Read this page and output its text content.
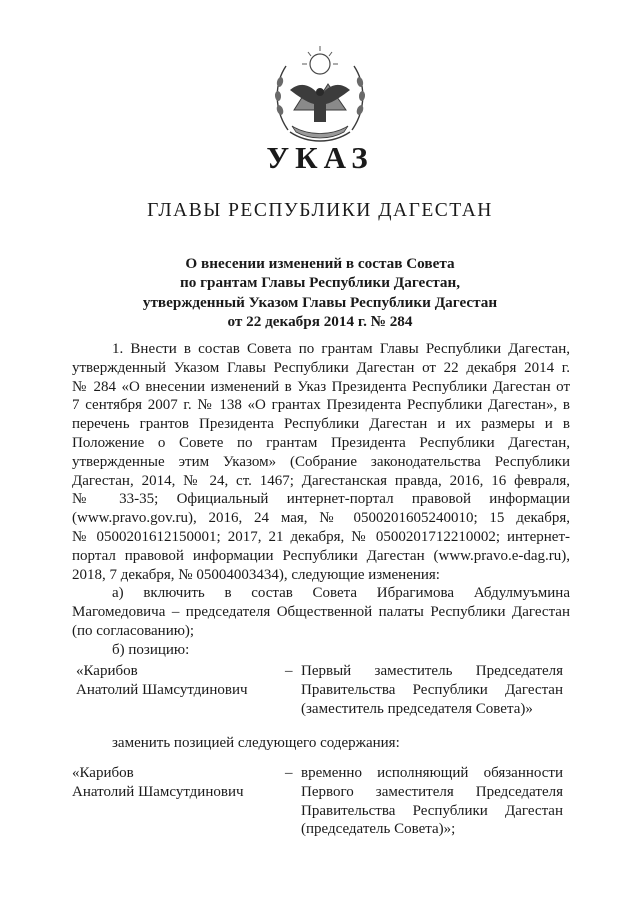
УКАЗ
ГЛАВЫ РЕСПУБЛИКИ ДАГЕСТАН
О внесении изменений в состав Совета
по грантам Главы Республики Дагестан,
утвержденный Указом Главы Республики Дагестан
от 22 декабря 2014 г. № 284
1. Внести в состав Совета по грантам Главы Республики Дагестан,
утвержденный Указом Главы Республики Дагестан от 22 декабря 2014 г.
№ 284 «О внесении изменений в Указ Президента Республики Дагестан от
7 сентября 2007 г. № 138 «О грантах Президента Республики Дагестан», в
перечень грантов Президента Республики Дагестан и их размеры и в
Положение о Совете по грантам Президента Республики Дагестан,
утвержденные этим Указом» (Собрание законодательства Республики
Дагестан, 2014, № 24, ст. 1467; Дагестанская правда, 2016, 16 февраля,
№ 33-35; Официальный интернет-портал правовой информации
(www.pravo.gov.ru), 2016, 24 мая, № 0500201605240010; 15 декабря,
№ 0500201612150001; 2017, 21 декабря, № 0500201712210002; интернет-
портал правовой информации Республики Дагестан (www.pravo.e-dag.ru),
2018, 7 декабря, № 05004003434), следующие изменения:
а) включить в состав Совета Ибрагимова Абдулмуъмина
Магомедовича – председателя Общественной палаты Республики Дагестан
(по согласованию);
б) позицию:
«Карибов
Анатолий Шамсутдинович
– Первый заместитель Председателя
Правительства Республики Дагестан
(заместитель председателя Совета)»
заменить позицией следующего содержания:
«Карибов
Анатолий Шамсутдинович
– временно исполняющий обязанности
Первого заместителя Председателя
Правительства Республики Дагестан
(председатель Совета)»;
